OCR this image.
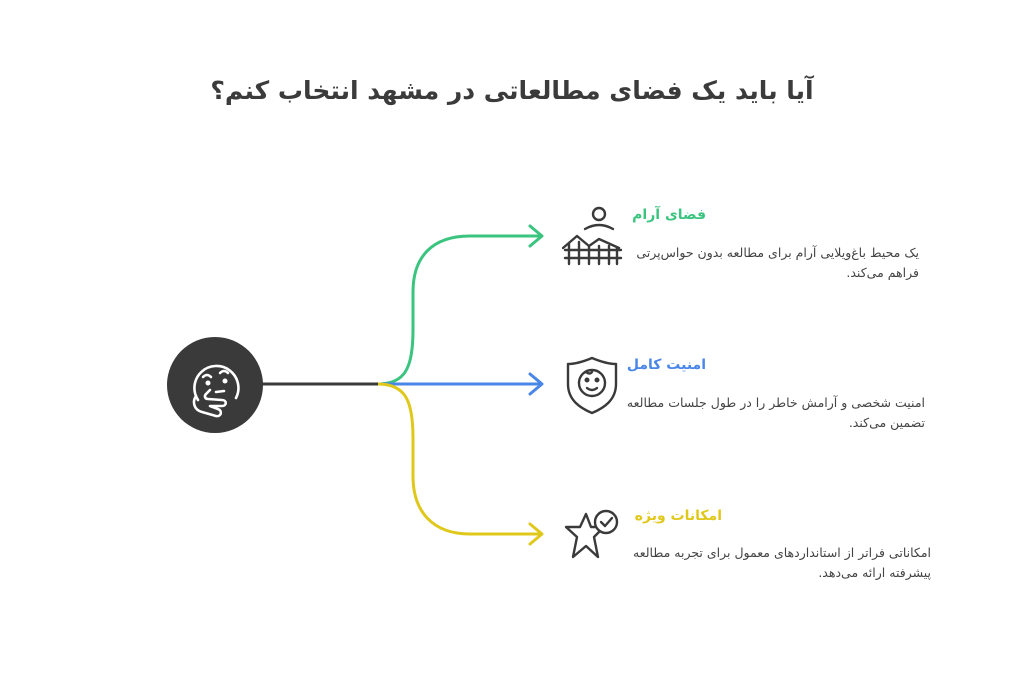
آیا باید یک فضای مطالعاتی در مشهد انتخاب کنم؟
فضای آرام
یک محیط باغ‌ویلایی آرام برای مطالعه بدون حواس‌پرتی
فراهم می‌کند.
امنیت کامل
امنیت شخصی و آرامش خاطر را در طول جلسات مطالعه
تضمین می‌کند.
امکانات ویژه
امکاناتی فراتر از استانداردهای معمول برای تجربه مطالعه
پیشرفته ارائه می‌دهد.
